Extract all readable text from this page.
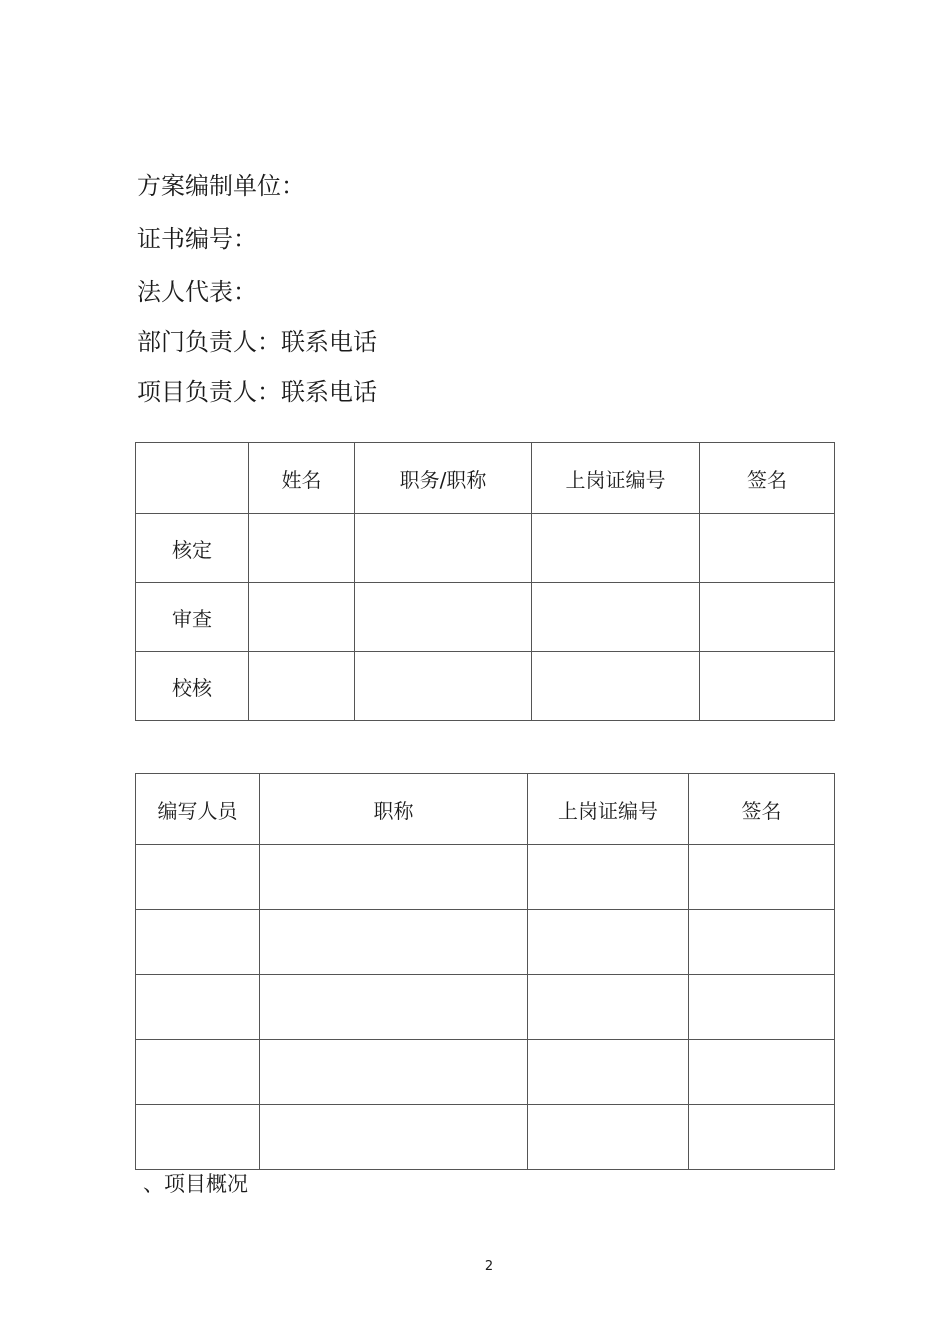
方案编制单位：
证书编号：
法人代表：
部门负责人：联系电话
项目负责人：联系电话
	姓名	职务/职称	上岗证编号	签名
核定				
审查				
校核				
编写人员	职称	上岗证编号	签名

、项目概况
2
